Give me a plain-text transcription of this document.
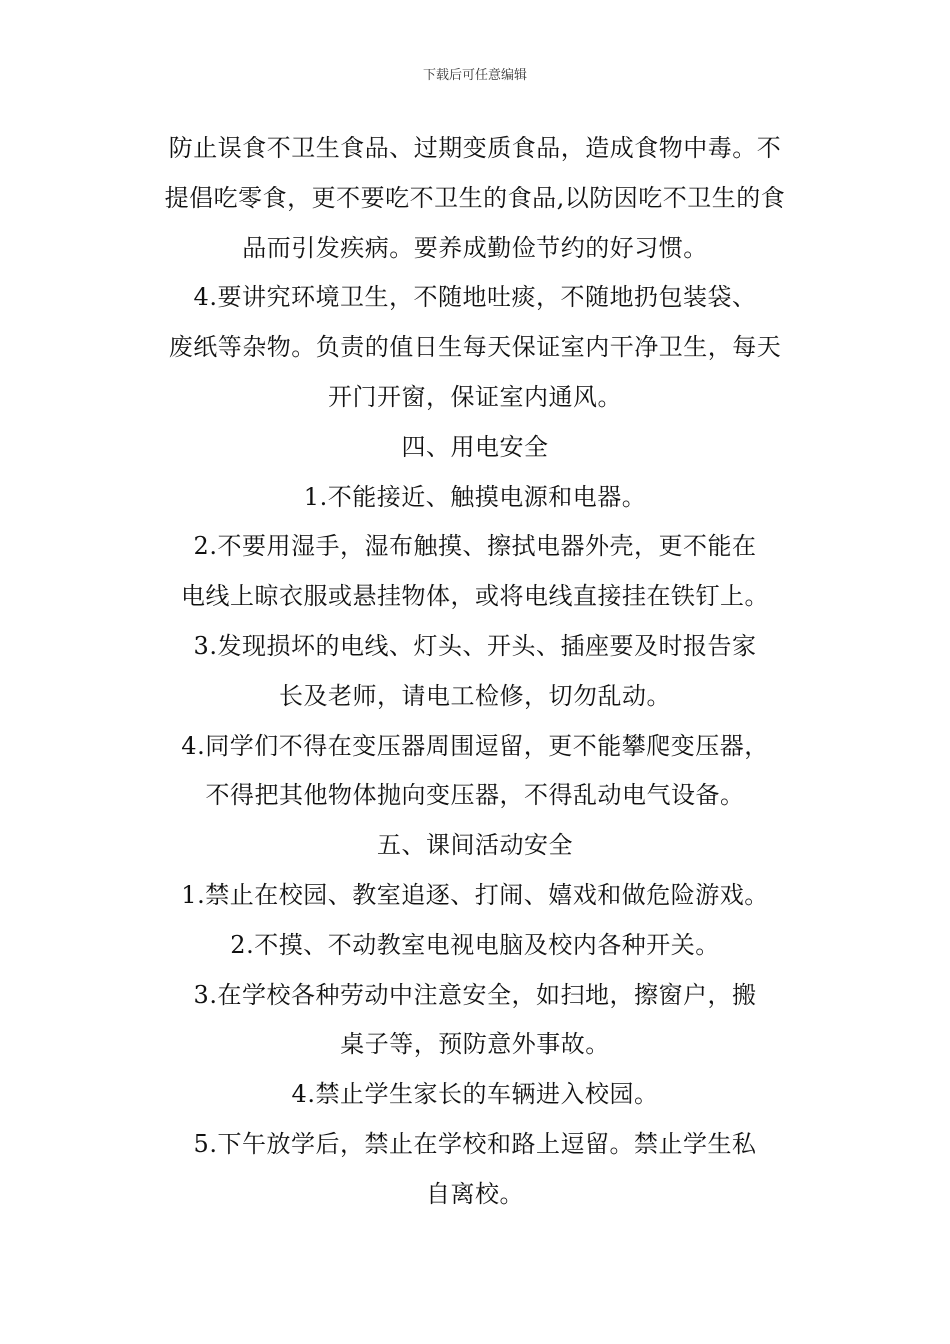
下载后可任意编辑
防止误食不卫生食品、过期变质食品，造成食物中毒。不
提倡吃零食，更不要吃不卫生的食品,以防因吃不卫生的食
品而引发疾病。要养成勤俭节约的好习惯。
4.要讲究环境卫生，不随地吐痰，不随地扔包装袋、
废纸等杂物。负责的值日生每天保证室内干净卫生，每天
开门开窗，保证室内通风。
四、用电安全
1.不能接近、触摸电源和电器。
2.不要用湿手，湿布触摸、擦拭电器外壳，更不能在
电线上晾衣服或悬挂物体，或将电线直接挂在铁钉上。
3.发现损坏的电线、灯头、开头、插座要及时报告家
长及老师，请电工检修，切勿乱动。
4.同学们不得在变压器周围逗留，更不能攀爬变压器，
不得把其他物体抛向变压器，不得乱动电气设备。
五、课间活动安全
1.禁止在校园、教室追逐、打闹、嬉戏和做危险游戏。
2.不摸、不动教室电视电脑及校内各种开关。
3.在学校各种劳动中注意安全，如扫地，擦窗户，搬
桌子等，预防意外事故。
4.禁止学生家长的车辆进入校园。
5.下午放学后，禁止在学校和路上逗留。禁止学生私
自离校。
